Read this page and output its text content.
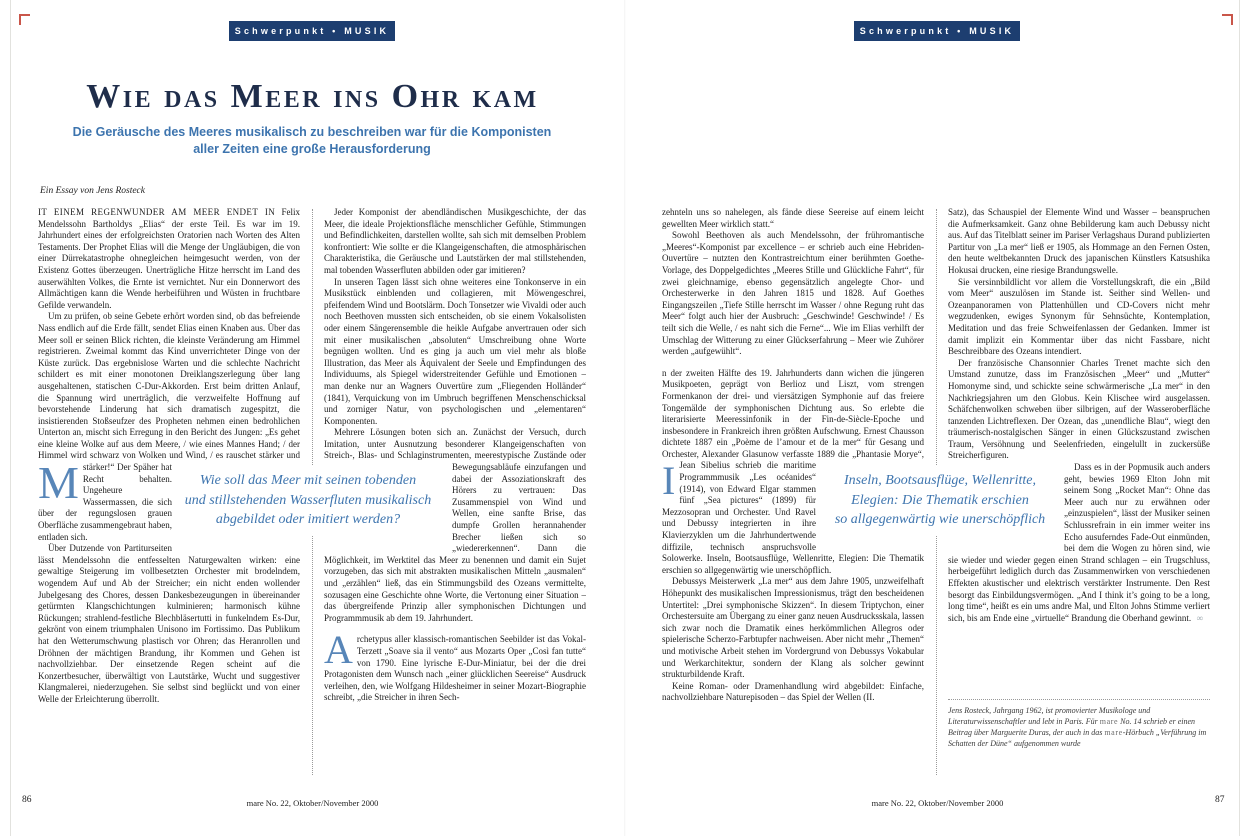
Schwerpunkt • MUSIK
Wie das Meer ins Ohr kam
Die Geräusche des Meeres musikalisch zu beschreiben war für die Komponisten
aller Zeiten eine große Herausforderung
Ein Essay von Jens Rosteck

M
IT EINEM REGENWUNDER AM MEER ENDET IN Felix Mendelssohn Bartholdys „Elias“ der erste Teil. Es war im 19. Jahrhundert eines der erfolgreichsten Oratorien nach Worten des Alten Testaments. Der Prophet Elias will die Menge der Ungläubigen, die von einer Dürrekatastrophe ohnegleichen heimgesucht werden, von der Existenz Gottes überzeugen. Unerträgliche Hitze herrscht im Land des auserwählten Volkes, die Ernte ist vernichtet. Nur ein Donnerwort des Allmächtigen kann die Wende herbeiführen und Wüsten in fruchtbare Gefilde verwandeln.

Um zu prüfen, ob seine Gebete erhört worden sind, ob das befreiende Nass endlich auf die Erde fällt, sendet Elias einen Knaben aus. Über das Meer soll er seinen Blick richten, die kleinste Veränderung am Himmel registrieren. Zweimal kommt das Kind unverrichteter Dinge von der Küste zurück. Das ergebnislose Warten und die schlechte Nachricht schildert es mit einer monotonen Dreiklangszerlegung über lang ausgehaltenen, statischen C-Dur-Akkorden. Erst beim dritten Anlauf, die Spannung wird unerträglich, die verzweifelte Hoffnung auf bevorstehende Linderung hat sich dramatisch zugespitzt, die insistierenden Stoßseufzer des Propheten nehmen einen bedrohlichen Unterton an, mischt sich Erregung in den Bericht des Jungen: „Es gehet eine kleine Wolke auf aus dem Meere, / wie eines Mannes Hand; / der Himmel wird schwarz von Wolken und Wind, / es rauschet stärker und stärker!“ Der Späher hat Recht behalten. Ungeheure Wassermassen, die sich über der regungslosen grauen Oberfläche zusammengebraut haben, entladen sich.

Über Dutzende von Partiturseiten lässt Mendelssohn die entfesselten Naturgewalten wirken: eine gewaltige Steigerung im vollbesetzten Orchester mit brodelndem, wogendem Auf und Ab der Streicher; ein nicht enden wollender Jubelgesang des Chores, dessen Dankesbezeugungen in übereinander getürmten Klangschichtungen kulminieren; harmonisch kühne Rückungen; strahlend-festliche Blechbläsertutti in funkelndem Es-Dur, gekrönt von einem triumphalen Unisono im Fortissimo. Das Publikum hat den Wetterumschwung plastisch vor Ohren; das Heranrollen und Dröhnen der mächtigen Brandung, ihr Kommen und Gehen ist nachvollziehbar. Der einsetzende Regen scheint auf die Konzertbesucher, überwältigt von Lautstärke, Wucht und suggestiver Klangmalerei, niederzugehen. Sie selbst sind beglückt und von einer Welle der Erleichterung überrollt.

Jeder Komponist der abendländischen Musikgeschichte, der das Meer, die ideale Projektionsfläche menschlicher Gefühle, Stimmungen und Befindlichkeiten, darstellen wollte, sah sich mit demselben Problem konfrontiert: Wie sollte er die Klangeigenschaften, die atmosphärischen Charakteristika, die Geräusche und Lautstärken der mal stillstehenden, mal tobenden Wasserfluten abbilden oder gar imitieren?

In unseren Tagen lässt sich ohne weiteres eine Tonkonserve in ein Musikstück einblenden und collagieren, mit Möwengeschrei, pfeifendem Wind und Bootslärm. Doch Tonsetzer wie Vivaldi oder auch noch Beethoven mussten sich entscheiden, ob sie einem Vokalsolisten oder einem Sängerensemble die heikle Aufgabe anvertrauen oder sich mit einer musikalischen „absoluten“ Umschreibung ohne Worte begnügen wollten. Und es ging ja auch um viel mehr als bloße Illustration, das Meer als Äquivalent der Seele und Empfindungen des Individuums, als Spiegel widerstreitender Gefühle und Emotionen – man denke nur an Wagners Ouvertüre zum „Fliegenden Holländer“ (1841), Verquickung von im Umbruch begriffenen Menschenschicksal und zorniger Natur, von psychologischen und „elementaren“ Komponenten.

Mehrere Lösungen boten sich an. Zunächst der Versuch, durch Imitation, unter Ausnutzung besonderer Klangeigenschaften von Streich-, Blas- und Schlaginstrumenten, meerestypische Zustände oder Bewegungsabläufe einzufangen und dabei der Assoziationskraft des Hörers zu vertrauen: Das Zusammenspiel von Wind und Wellen, eine sanfte Brise, das dumpfe Grollen herannahender Brecher ließen sich so „wiedererkennen“. Dann die Möglichkeit, im Werktitel das Meer zu benennen und damit ein Sujet vorzugeben, das sich mit abstrakten musikalischen Mitteln „ausmalen“ und „erzählen“ ließ, das ein Stimmungsbild des Ozeans vermittelte, sozusagen eine Geschichte ohne Worte, die Vertonung einer Situation – das übergreifende Prinzip aller symphonischen Dichtungen und Programmmusik ab dem 19. Jahrhundert.

Archetypus aller klassisch-romantischen Seebilder ist das Vokal-Terzett „Soave sia il vento“ aus Mozarts Oper „Così fan tutte“ von 1790. Eine lyrische E-Dur-Miniatur, bei der die drei Protagonisten dem Wunsch nach „einer glücklichen Seereise“ Ausdruck verleihen, den, wie Wolfgang Hildesheimer in seiner Mozart-Biographie schreibt, „die Streicher in ihren Sech-

Wie soll das Meer mit seinen tobenden
und stillstehenden Wasserfluten musikalisch
abgebildet oder imitiert werden?
86	mare No. 22, Oktober/November 2000
Schwerpunkt • MUSIK

zehnteln uns so nahelegen, als fände diese Seereise auf einem leicht gewellten Meer wirklich statt.“

Sowohl Beethoven als auch Mendelssohn, der frühromantische „Meeres“-Komponist par excellence – er schrieb auch eine Hebriden-Ouvertüre – nutzten den Kontrastreichtum einer berühmten Goethe-Vorlage, des Doppelgedichtes „Meeres Stille und Glückliche Fahrt“, für zwei gleichnamige, ebenso gegensätzlich angelegte Chor- und Orchesterwerke in den Jahren 1815 und 1828. Auf Goethes Eingangszeilen „Tiefe Stille herrscht im Wasser / ohne Regung ruht das Meer“ folgt auch hier der Ausbruch: „Geschwinde! Geschwinde! / Es teilt sich die Welle, / es naht sich die Ferne“... Wie im Elias verhilft der Umschlag der Witterung zu einer Glückserfahrung – Meer wie Zuhörer werden „aufgewühlt“.

I
n der zweiten Hälfte des 19. Jahrhunderts dann wichen die jüngeren Musikpoeten, geprägt von Berlioz und Liszt, vom strengen Formenkanon der drei- und viersätzigen Symphonie auf das freiere Tongemälde der symphonischen Dichtung aus. So erlebte die literarisierte Meeressinfonik in der Fin-de-Siècle-Epoche und insbesondere in Frankreich ihren größten Aufschwung. Ernest Chausson dichtete 1887 ein „Poème de l’amour et de la mer“ für Gesang und Orchester, Alexander Glasunow verfasste 1889 die „Phantasie Morye“, Jean Sibelius schrieb die maritime Programmmusik „Les océanides“ (1914), von Edward Elgar stammen fünf „Sea pictures“ (1899) für Mezzosopran und Orchester. Und Ravel und Debussy integrierten in ihre Klavierzyklen um die Jahrhundertwende diffizile, technisch anspruchsvolle Solowerke. Inseln, Bootsausflüge, Wellenritte, Elegien: Die Thematik erschien so allgegenwärtig wie unerschöpflich.

Debussys Meisterwerk „La mer“ aus dem Jahre 1905, unzweifelhaft Höhepunkt des musikalischen Impressionismus, trägt den bescheidenen Untertitel: „Drei symphonische Skizzen“. In diesem Triptychon, einer Orchestersuite am Übergang zu einer ganz neuen Ausdrucksskala, lassen sich zwar noch die Dramatik eines herkömmlichen Allegros oder spielerische Scherzo-Farbtupfer nachweisen. Aber nicht mehr „Themen“ und motivische Arbeit stehen im Vordergrund von Debussys Vokabular und Werkarchitektur, sondern der Klang als solcher gewinnt strukturbildende Kraft.

Keine Roman- oder Dramenhandlung wird abgebildet: Einfache, nachvollziehbare Naturepisoden – das Spiel der Wellen (II.

Satz), das Schauspiel der Elemente Wind und Wasser – beanspruchen die Aufmerksamkeit. Ganz ohne Bebilderung kam auch Debussy nicht aus. Auf das Titelblatt seiner im Pariser Verlagshaus Durand publizierten Partitur von „La mer“ ließ er 1905, als Hommage an den Fernen Osten, den heute weltbekannten Druck des japanischen Künstlers Katsushika Hokusai drucken, eine riesige Brandungswelle.

Sie versinnbildlicht vor allem die Vorstellungskraft, die ein „Bild vom Meer“ auszulösen im Stande ist. Seither sind Wellen- und Ozeanpanoramen von Plattenhüllen und CD-Covers nicht mehr wegzudenken, ewiges Synonym für Sehnsüchte, Kontemplation, Meditation und das freie Schweifenlassen der Gedanken. Immer ist damit implizit ein Kommentar über das nicht Fassbare, nicht Beschreibbare des Ozeans intendiert.

Der französische Chansonnier Charles Trenet machte sich den Umstand zunutze, dass im Französischen „Meer“ und „Mutter“ Homonyme sind, und schickte seine schwärmerische „La mer“ in den Nachkriegsjahren um den Globus. Kein Klischee wird ausgelassen. Schäfchenwolken schweben über silbrigen, auf der Wasseroberfläche tanzenden Lichtreflexen. Der Ozean, das „unendliche Blau“, wiegt den träumerisch-nostalgischen Sänger in einen Glückszustand zwischen Traum, Versöhnung und Seelenfrieden, eingelullt in zuckersüße Streicherfiguren.

Dass es in der Popmusik auch anders geht, bewies 1969 Elton John mit seinem Song „Rocket Man“: Ohne das Meer auch nur zu erwähnen oder „einzuspielen“, lässt der Musiker seinen Schlussrefrain in ein immer weiter ins Echo ausuferndes Fade-Out einmünden, bei dem die Wogen zu hören sind, wie sie wieder und wieder gegen einen Strand schlagen – ein Trugschluss, herbeigeführt lediglich durch das Zusammenwirken von verschiedenen Effekten akustischer und elektrisch verstärkter Instrumente. Den Rest besorgt das Einbildungsvermögen. „And I think it’s going to be a long, long time“, heißt es ein ums andre Mal, und Elton Johns Stimme verliert sich, bis am Ende eine „virtuelle“ Brandung die Oberhand gewinnt. ∞

Inseln, Bootsausflüge, Wellenritte,
Elegien: Die Thematik erschien
so allgegenwärtig wie unerschöpflich
Jens Rosteck, Jahrgang 1962, ist promovierter Musikologe und Literaturwissenschaftler und lebt in Paris. Für mare No. 14 schrieb er einen Beitrag über Marguerite Duras, der auch in das mare-Hörbuch „Verführung im Schatten der Düne“ aufgenommen wurde
87
mare No. 22, Oktober/November 2000
